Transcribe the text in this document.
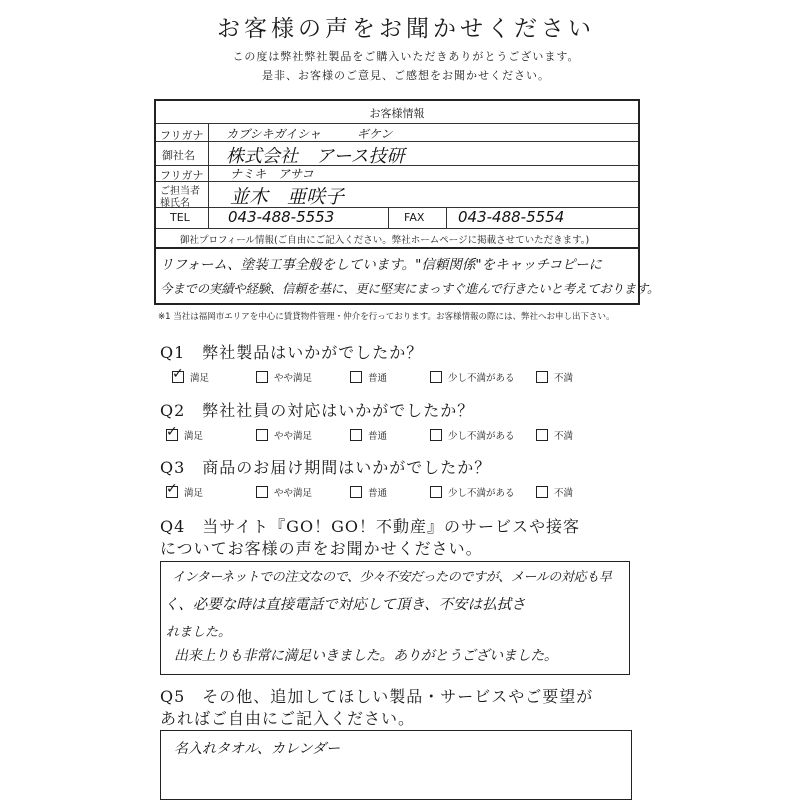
お客様の声をお聞かせください
この度は弊社弊社製品をご購入いただきありがとうございます。
是非、お客様のご意見、ご感想をお聞かせください。
お客様情報
フリガナ カブシキガイシャ　　　ギケン
御社名 株式会社　アース技研
フリガナ ナミキ　アサコ
ご担当者
様氏名 並木　亜咲子
TEL	043-488-5553	FAX 043-488-5554
御社プロフィール情報(ご自由にご記入ください。弊社ホームページに掲載させていただきます。)
リフォーム、塗装工事全般をしています。"信頼関係"をキャッチコピーに
今までの実績や経験、信頼を基に、更に堅実にまっすぐ進んで行きたいと考えております。
※1 当社は福岡市エリアを中心に賃貸物件管理・仲介を行っております。お客様情報の際には、弊社へお申し出下さい。
Q1　弊社製品はいかがでしたか？
✓ 満足	やや満足	普通	少し不満がある	不満
Q2　弊社社員の対応はいかがでしたか？
✓ 満足	やや満足	普通	少し不満がある	不満
Q3　商品のお届け期間はいかがでしたか？
✓ 満足	やや満足	普通	少し不満がある	不満
Q4　当サイト『GO！GO！不動産』のサービスや接客
についてお客様の声をお聞かせください。
インターネットでの注文なので、少々不安だったのですが、メールの対応も早
く、必要な時は直接電話で対応して頂き、不安は払拭さ
れました。
出来上りも非常に満足いきました。ありがとうございました。
Q5　その他、追加してほしい製品・サービスやご要望が
あればご自由にご記入ください。
名入れタオル、カレンダー
